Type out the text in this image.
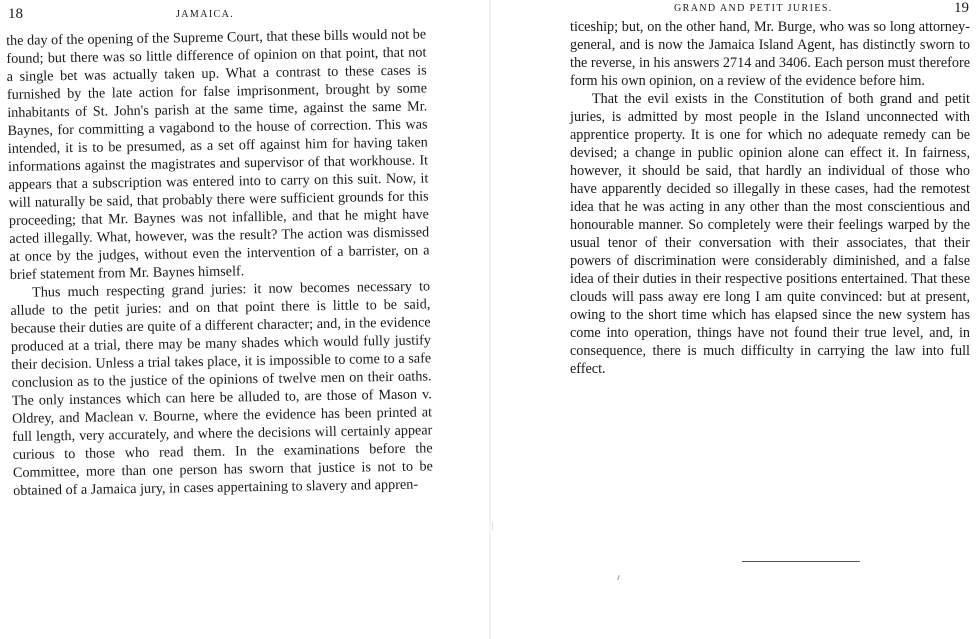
18	JAMAICA.

the day of the opening of the Supreme Court, that these bills would not be found; but there was so little difference of opinion on that point, that not a single bet was actually taken up. What a contrast to these cases is furnished by the late action for false imprisonment, brought by some inhabitants of St. John's parish at the same time, against the same Mr. Baynes, for committing a vagabond to the house of correction. This was intended, it is to be presumed, as a set off against him for having taken informations against the magistrates and supervisor of that workhouse. It appears that a subscription was entered into to carry on this suit. Now, it will naturally be said, that probably there were sufficient grounds for this proceeding; that Mr. Baynes was not infallible, and that he might have acted illegally. What, however, was the result? The action was dismissed at once by the judges, without even the intervention of a barrister, on a brief statement from Mr. Baynes himself.

Thus much respecting grand juries: it now becomes necessary to allude to the petit juries: and on that point there is little to be said, because their duties are quite of a different character; and, in the evidence produced at a trial, there may be many shades which would fully justify their decision. Unless a trial takes place, it is impossible to come to a safe conclusion as to the justice of the opinions of twelve men on their oaths. The only instances which can here be alluded to, are those of Mason v. Oldrey, and Maclean v. Bourne, where the evidence has been printed at full length, very accurately, and where the decisions will certainly appear curious to those who read them. In the examinations before the Committee, more than one person has sworn that justice is not to be obtained of a Jamaica jury, in cases appertaining to slavery and appren-

GRAND AND PETIT JURIES.	19

ticeship; but, on the other hand, Mr. Burge, who was so long attorney-general, and is now the Jamaica Island Agent, has distinctly sworn to the reverse, in his answers 2714 and 3406. Each person must therefore form his own opinion, on a review of the evidence before him.

That the evil exists in the Constitution of both grand and petit juries, is admitted by most people in the Island unconnected with apprentice property. It is one for which no adequate remedy can be devised; a change in public opinion alone can effect it. In fairness, however, it should be said, that hardly an individual of those who have apparently decided so illegally in these cases, had the remotest idea that he was acting in any other than the most conscientious and honourable manner. So completely were their feelings warped by the usual tenor of their conversation with their associates, that their powers of discrimination were considerably diminished, and a false idea of their duties in their respective positions entertained. That these clouds will pass away ere long I am quite convinced: but at present, owing to the short time which has elapsed since the new system has come into operation, things have not found their true level, and, in consequence, there is much difficulty in carrying the law into full effect.
